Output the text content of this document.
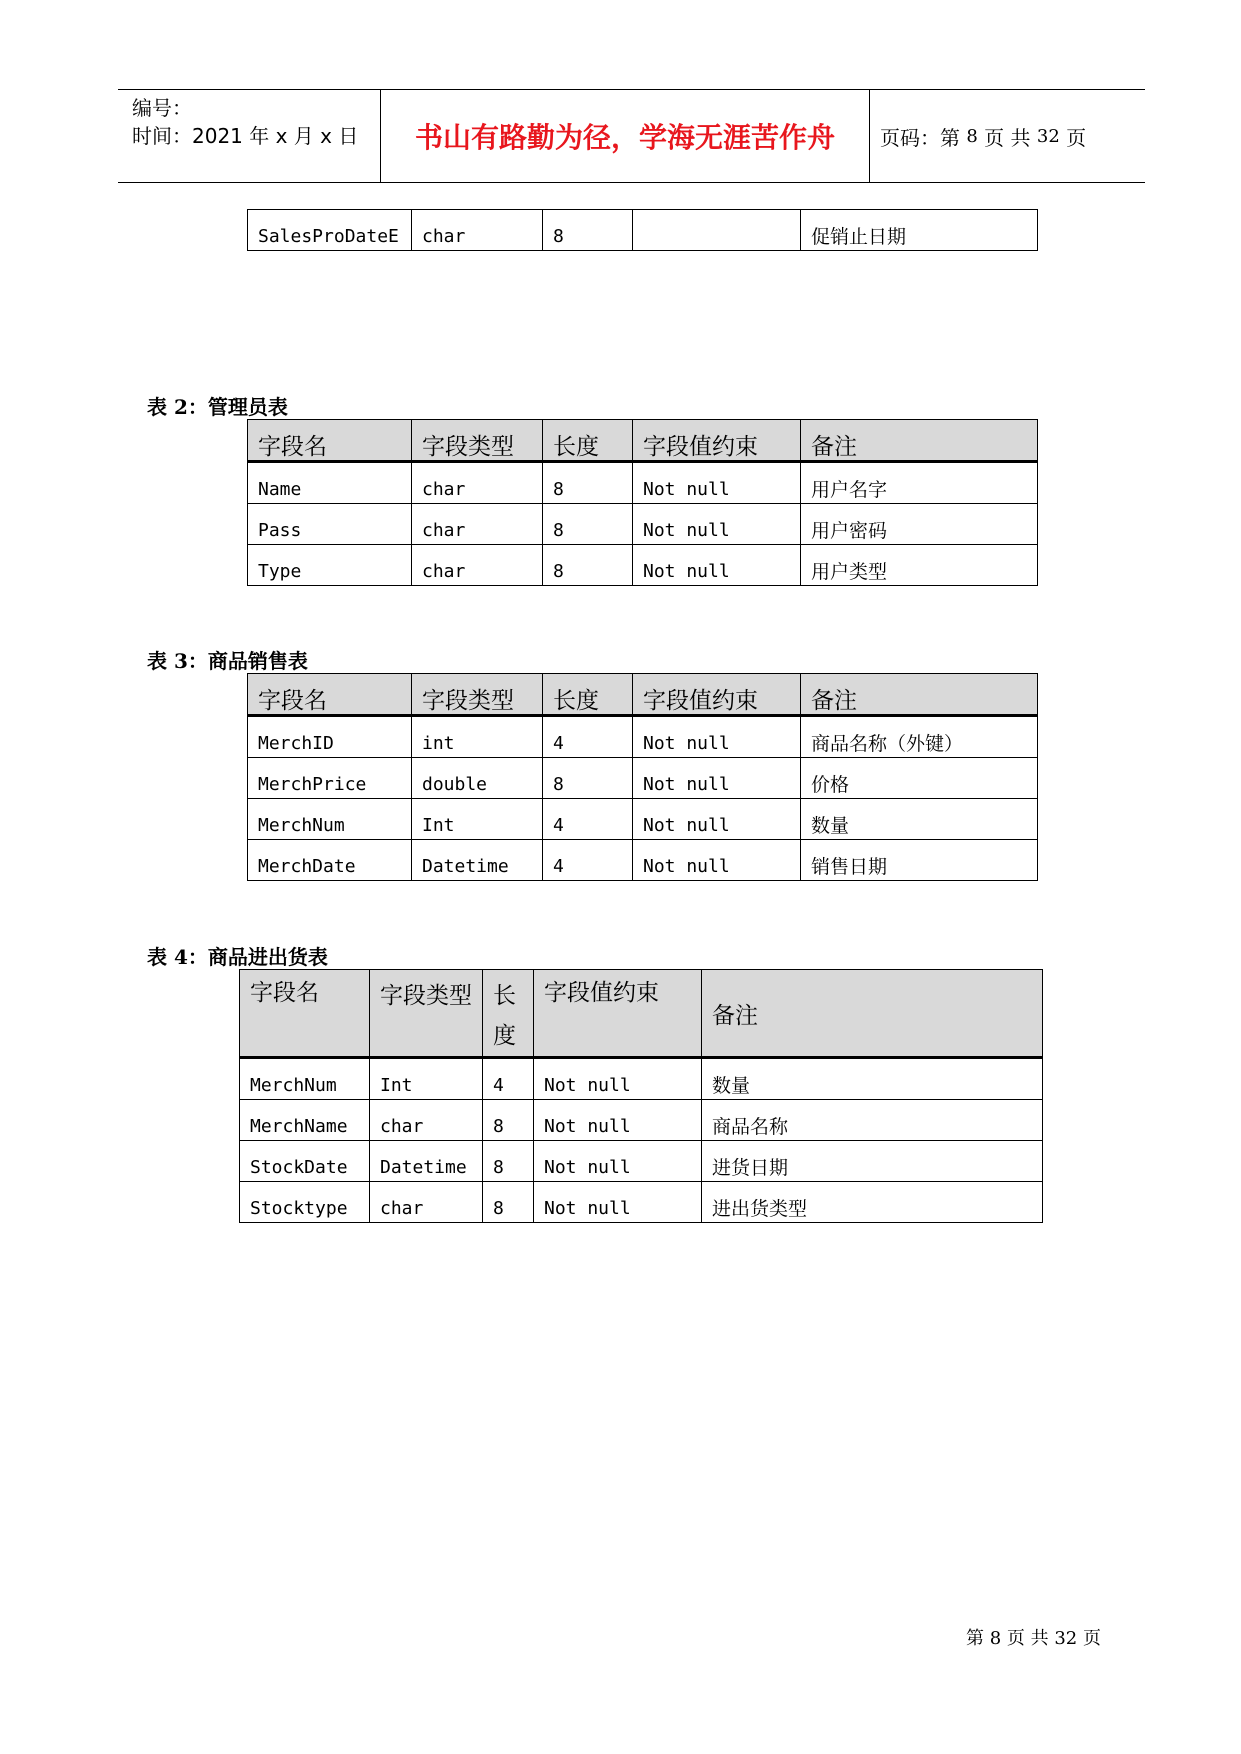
编号：
时间：2021 年 x 月 x 日 书山有路勤为径，学海无涯苦作舟 页码：第
8
页 共
32
页
SalesProDateE	char	8		促销止日期
表 2：管理员表
字段名	字段类型	长度	字段值约束	备注
Name	char	8	Not null	用户名字
Pass	char	8	Not null	用户密码
Type	char	8	Not null	用户类型
表 3：商品销售表
字段名	字段类型	长度	字段值约束	备注
MerchID	int	4	Not null	商品名称（外键）
MerchPrice	double	8	Not null	价格
MerchNum	Int	4	Not null	数量
MerchDate	Datetime	4	Not null	销售日期
表 4：商品进出货表
字段名	字段类型	长度	字段值约束	备注
MerchNum	Int	4	Not null	数量
MerchName	char	8	Not null	商品名称
StockDate	Datetime	8	Not null	进货日期
Stocktype	char	8	Not null	进出货类型
第 8 页 共 32 页
